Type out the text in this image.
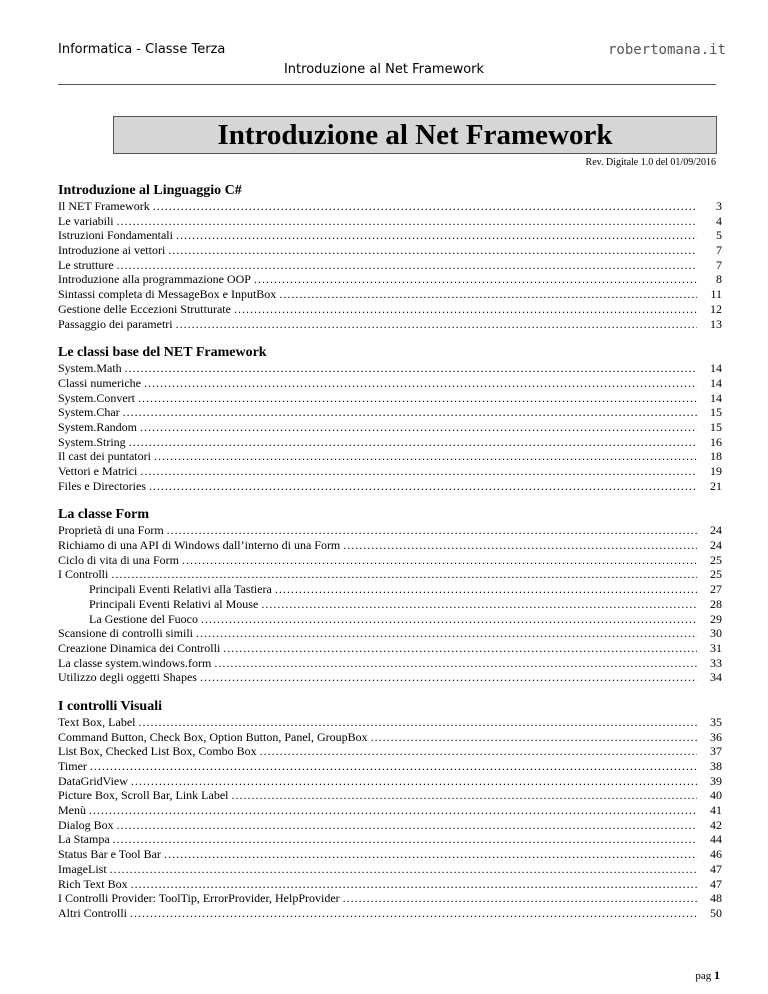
Informatica - Classe Terza	robertomana.it
Introduzione al Net Framework
Introduzione al Net Framework
Rev. Digitale 1.0 del 01/09/2016
Introduzione al Linguaggio C#
Il NET Framework . . .	3
Le variabili . . .	4
Istruzioni Fondamentali . . .	5
Introduzione ai vettori . . .	7
Le strutture . . .	7
Introduzione alla programmazione OOP . . .	8
Sintassi completa di MessageBox e InputBox . . .	11
Gestione delle Eccezioni Strutturate . . .	12
Passaggio dei parametri . . .	13
Le classi base del NET Framework
System.Math . . .	14
Classi numeriche . . .	14
System.Convert . . .	14
System.Char . . .	15
System.Random . . .	15
System.String . . .	16
Il cast dei puntatori . . .	18
Vettori e Matrici . . .	19
Files e Directories . . .	21
La classe Form
Proprietà di una Form . . .	24
Richiamo di una API di Windows dall’interno di una Form . . .	24
Ciclo di vita di una Form . . .	25
I Controlli . . .	25
Principali Eventi Relativi alla Tastiera . . .	27
Principali Eventi Relativi al Mouse . . .	28
La Gestione del Fuoco . . .	29
Scansione di controlli simili . . .	30
Creazione Dinamica dei Controlli . . .	31
La classe system.windows.form . . .	33
Utilizzo degli oggetti Shapes . . .	34
I controlli Visuali
Text Box, Label . . .	35
Command Button, Check Box, Option Button, Panel, GroupBox . . .	36
List Box, Checked List Box, Combo Box . . .	37
Timer . . .	38
DataGridView . . .	39
Picture Box, Scroll Bar, Link Label . . .	40
Menù . . .	41
Dialog Box . . .	42
La Stampa . . .	44
Status Bar e Tool Bar . . .	46
ImageList . . .	47
Rich Text Box . . .	47
I Controlli Provider: ToolTip, ErrorProvider, HelpProvider . . .	48
Altri Controlli . . .	50
pag 1
